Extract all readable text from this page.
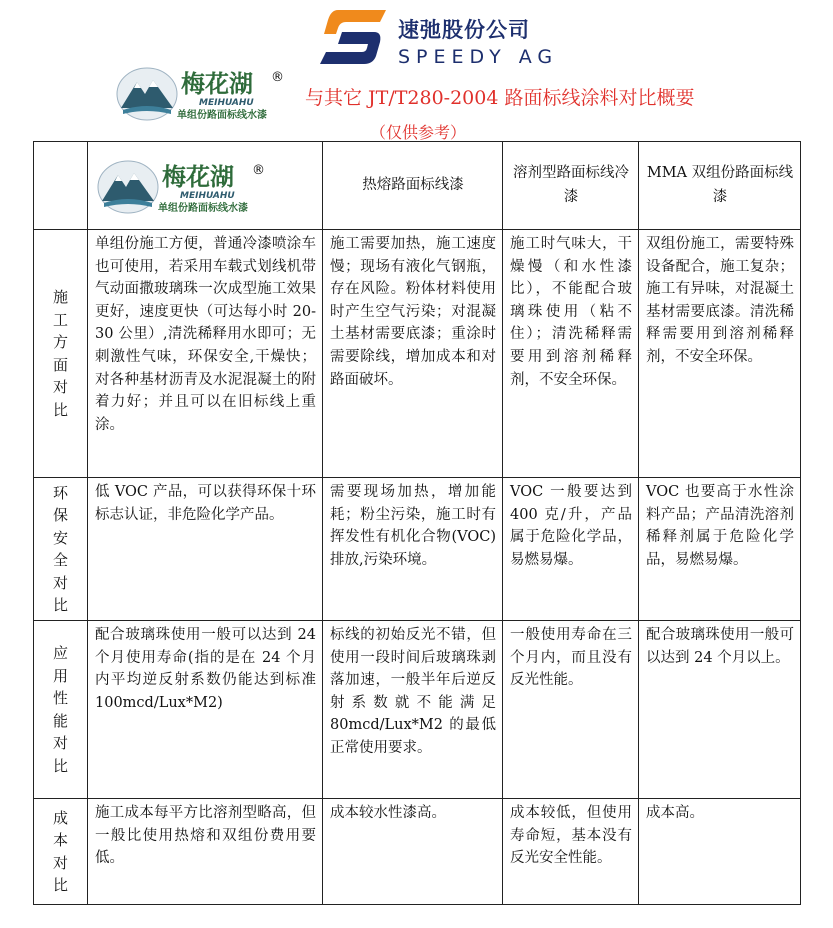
速弛股份公司
SPEEDY AG
梅花湖 ®
MEIHUAHU
单组份路面标线水漆
与其它 JT/T280-2004 路面标线涂料对比概要
（仅供参考）

梅花湖 ®
MEIHUAHU
单组份路面标线水漆	热熔路面标线漆	溶剂型路面标线冷漆	MMA 双组份路面标线漆

施工方面对比	单组份施工方便，普通冷漆喷涂车也可使用，若采用车载式划线机带气动面撒玻璃珠一次成型施工效果更好，速度更快（可达每小时 20-30 公里）,清洗稀释用水即可；无刺激性气味，环保安全,干燥快；对各种基材沥青及水泥混凝土的附着力好；并且可以在旧标线上重涂。	施工需要加热，施工速度慢；现场有液化气钢瓶，存在风险。粉体材料使用时产生空气污染；对混凝土基材需要底漆；重涂时需要除线，增加成本和对路面破坏。	施工时气味大，干燥慢（和水性漆比），不能配合玻璃珠使用（粘不住）；清洗稀释需要用到溶剂稀释剂，不安全环保。	双组份施工，需要特殊设备配合，施工复杂；施工有异味，对混凝土基材需要底漆。清洗稀释需要用到溶剂稀释剂，不安全环保。

环保安全对比	低 VOC 产品，可以获得环保十环标志认证，非危险化学产品。	需要现场加热，增加能耗；粉尘污染，施工时有挥发性有机化合物(VOC)排放,污染环境。	VOC 一般要达到400 克/升，产品属于危险化学品，易燃易爆。	VOC 也要高于水性涂料产品；产品清洗溶剂稀释剂属于危险化学品，易燃易爆。

应用性能对比	配合玻璃珠使用一般可以达到 24 个月使用寿命(指的是在 24 个月内平均逆反射系数仍能达到标准100mcd/Lux*M2)	标线的初始反光不错，但使用一段时间后玻璃珠剥落加速，一般半年后逆反射系数就不能满足80mcd/Lux*M2 的最低正常使用要求。	一般使用寿命在三个月内，而且没有反光性能。	配合玻璃珠使用一般可以达到 24 个月以上。

成本对比	施工成本每平方比溶剂型略高，但一般比使用热熔和双组份费用要低。	成本较水性漆高。	成本较低，但使用寿命短，基本没有反光安全性能。	成本高。
